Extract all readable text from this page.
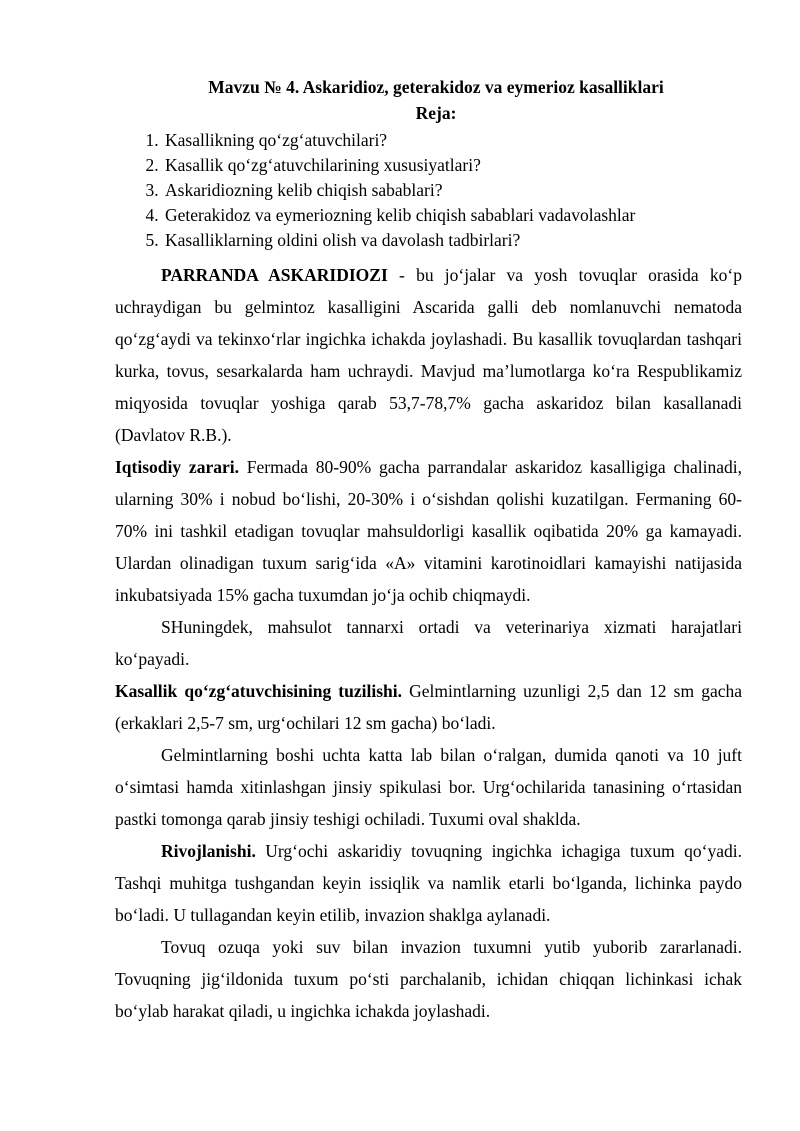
Mavzu № 4. Askaridioz, geterakidoz va eymerioz kasalliklari

Reja:

1. Kasallikning qo‘zg‘atuvchilari?
2. Kasallik qo‘zg‘atuvchilarining xususiyatlari?
3. Askaridiozning kelib chiqish sabablari?
4. Geterakidoz va eymeriozning kelib chiqish sabablari vadavolashlar
5. Kasalliklarning oldini olish va davolash tadbirlari?

PARRANDA ASKARIDIOZI - bu jo‘jalar va yosh tovuqlar orasida ko‘p uchraydigan bu gelmintoz kasalligini Ascarida galli deb nomlanuvchi nematoda qo‘zg‘aydi va tekinxo‘rlar ingichka ichakda joylashadi. Bu kasallik tovuqlardan tashqari kurka, tovus, sesarkalarda ham uchraydi. Mavjud ma’lumotlarga ko‘ra Respublikamiz miqyosida tovuqlar yoshiga qarab 53,7-78,7% gacha askaridoz bilan kasallanadi (Davlatov R.B.).

Iqtisodiy zarari. Fermada 80-90% gacha parrandalar askaridoz kasalligiga chalinadi, ularning 30% i nobud bo‘lishi, 20-30% i o‘sishdan qolishi kuzatilgan. Fermaning 60-70% ini tashkil etadigan tovuqlar mahsuldorligi kasallik oqibatida 20% ga kamayadi. Ulardan olinadigan tuxum sarig‘ida «A» vitamini karotinoidlari kamayishi natijasida inkubatsiyada 15% gacha tuxumdan jo‘ja ochib chiqmaydi.

SHuningdek, mahsulot tannarxi ortadi va veterinariya xizmati harajatlari ko‘payadi.

Kasallik qo‘zg‘atuvchisining tuzilishi. Gelmintlarning uzunligi 2,5 dan 12 sm gacha (erkaklari 2,5-7 sm, urg‘ochilari 12 sm gacha) bo‘ladi.

Gelmintlarning boshi uchta katta lab bilan o‘ralgan, dumida qanoti va 10 juft o‘simtasi hamda xitinlashgan jinsiy spikulasi bor. Urg‘ochilarida tanasining o‘rtasidan pastki tomonga qarab jinsiy teshigi ochiladi. Tuxumi oval shaklda.

Rivojlanishi. Urg‘ochi askaridiy tovuqning ingichka ichagiga tuxum qo‘yadi. Tashqi muhitga tushgandan keyin issiqlik va namlik etarli bo‘lganda, lichinka paydo bo‘ladi. U tullagandan keyin etilib, invazion shaklga aylanadi.

Tovuq ozuqa yoki suv bilan invazion tuxumni yutib yuborib zararlanadi. Tovuqning jig‘ildonida tuxum po‘sti parchalanib, ichidan chiqqan lichinkasi ichak bo‘ylab harakat qiladi, u ingichka ichakda joylashadi.
